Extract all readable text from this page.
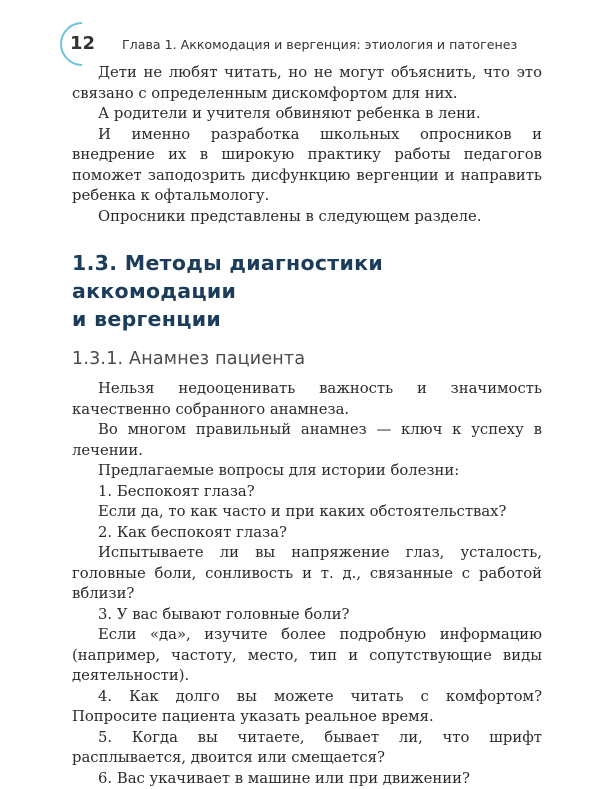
12 Глава 1. Аккомодация и вергенция: этиология и патогенез

Дети не любят читать, но не могут объяснить, что это связано с определенным дискомфортом для них.

А родители и учителя обвиняют ребенка в лени.

И именно разработка школьных опросников и внедрение их в широкую практику работы педагогов поможет заподозрить дисфункцию вергенции и направить ребенка к офтальмологу.

Опросники представлены в следующем разделе.

1.3. Методы диагностики аккомодации
и вергенции
1.3.1. Анамнез пациента

Нельзя недооценивать важность и значимость качественно собранного анамнеза.

Во многом правильный анамнез — ключ к успеху в лечении.

Предлагаемые вопросы для истории болезни:

1. Беспокоят глаза?

Если да, то как часто и при каких обстоятельствах?

2. Как беспокоят глаза?

Испытываете ли вы напряжение глаз, усталость, головные боли, сонливость и т. д., связанные с работой вблизи?

3. У вас бывают головные боли?

Если «да», изучите более подробную информацию (например, частоту, место, тип и сопутствующие виды деятельности).

4. Как долго вы можете читать с комфортом? Попросите пациента указать реальное время.

5. Когда вы читаете, бывает ли, что шрифт расплывается, двоится или смещается?

6. Вас укачивает в машине или при движении?
